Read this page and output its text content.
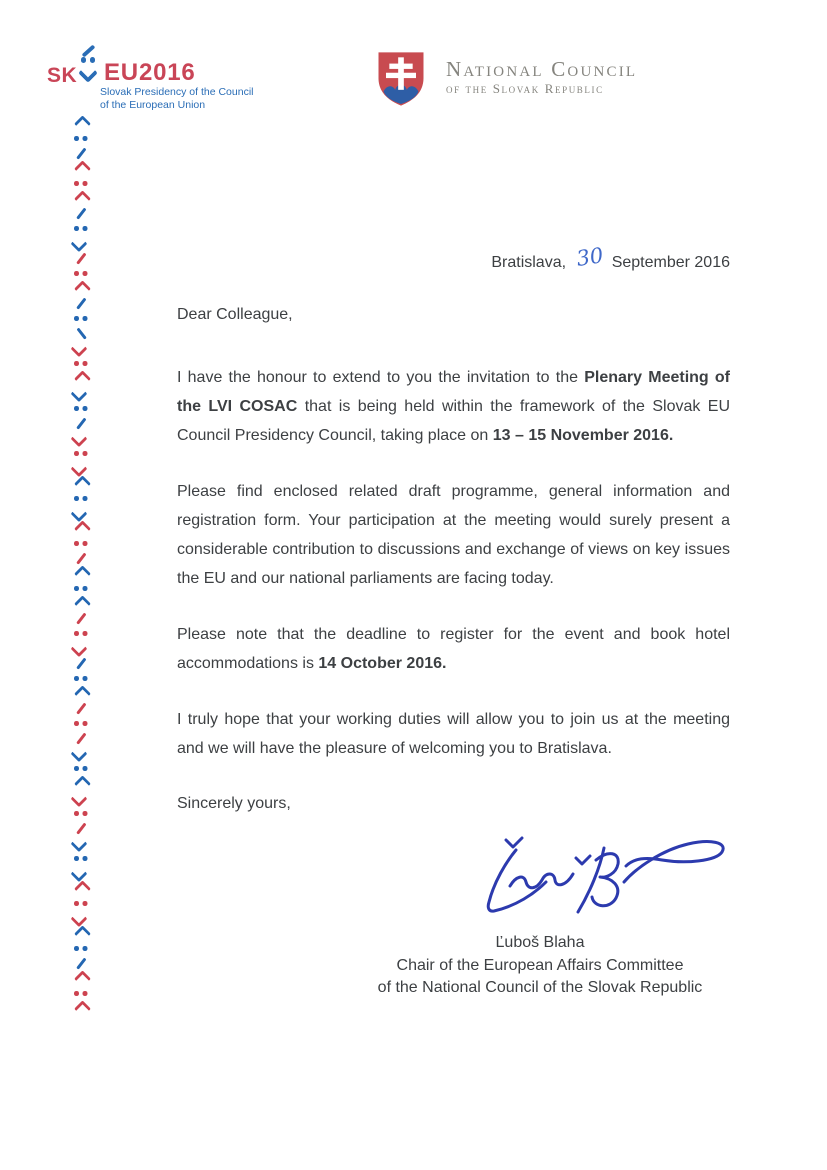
SK EU2016
Slovak Presidency of the Council
of the European Union
National Council
of the Slovak Republic
Bratislava, 30 September 2016

Dear Colleague,

I have the honour to extend to you the invitation to the Plenary Meeting of the LVI COSAC that is being held within the framework of the Slovak EU Council Presidency Council, taking place on 13 – 15 November 2016.

Please find enclosed related draft programme, general information and registration form. Your participation at the meeting would surely present a considerable contribution to discussions and exchange of views on key issues the EU and our national parliaments are facing today.

Please note that the deadline to register for the event and book hotel accommodations is 14 October 2016.

I truly hope that your working duties will allow you to join us at the meeting and we will have the pleasure of welcoming you to Bratislava.

Sincerely yours,
Ľuboš Blaha
Chair of the European Affairs Committee
of the National Council of the Slovak Republic
